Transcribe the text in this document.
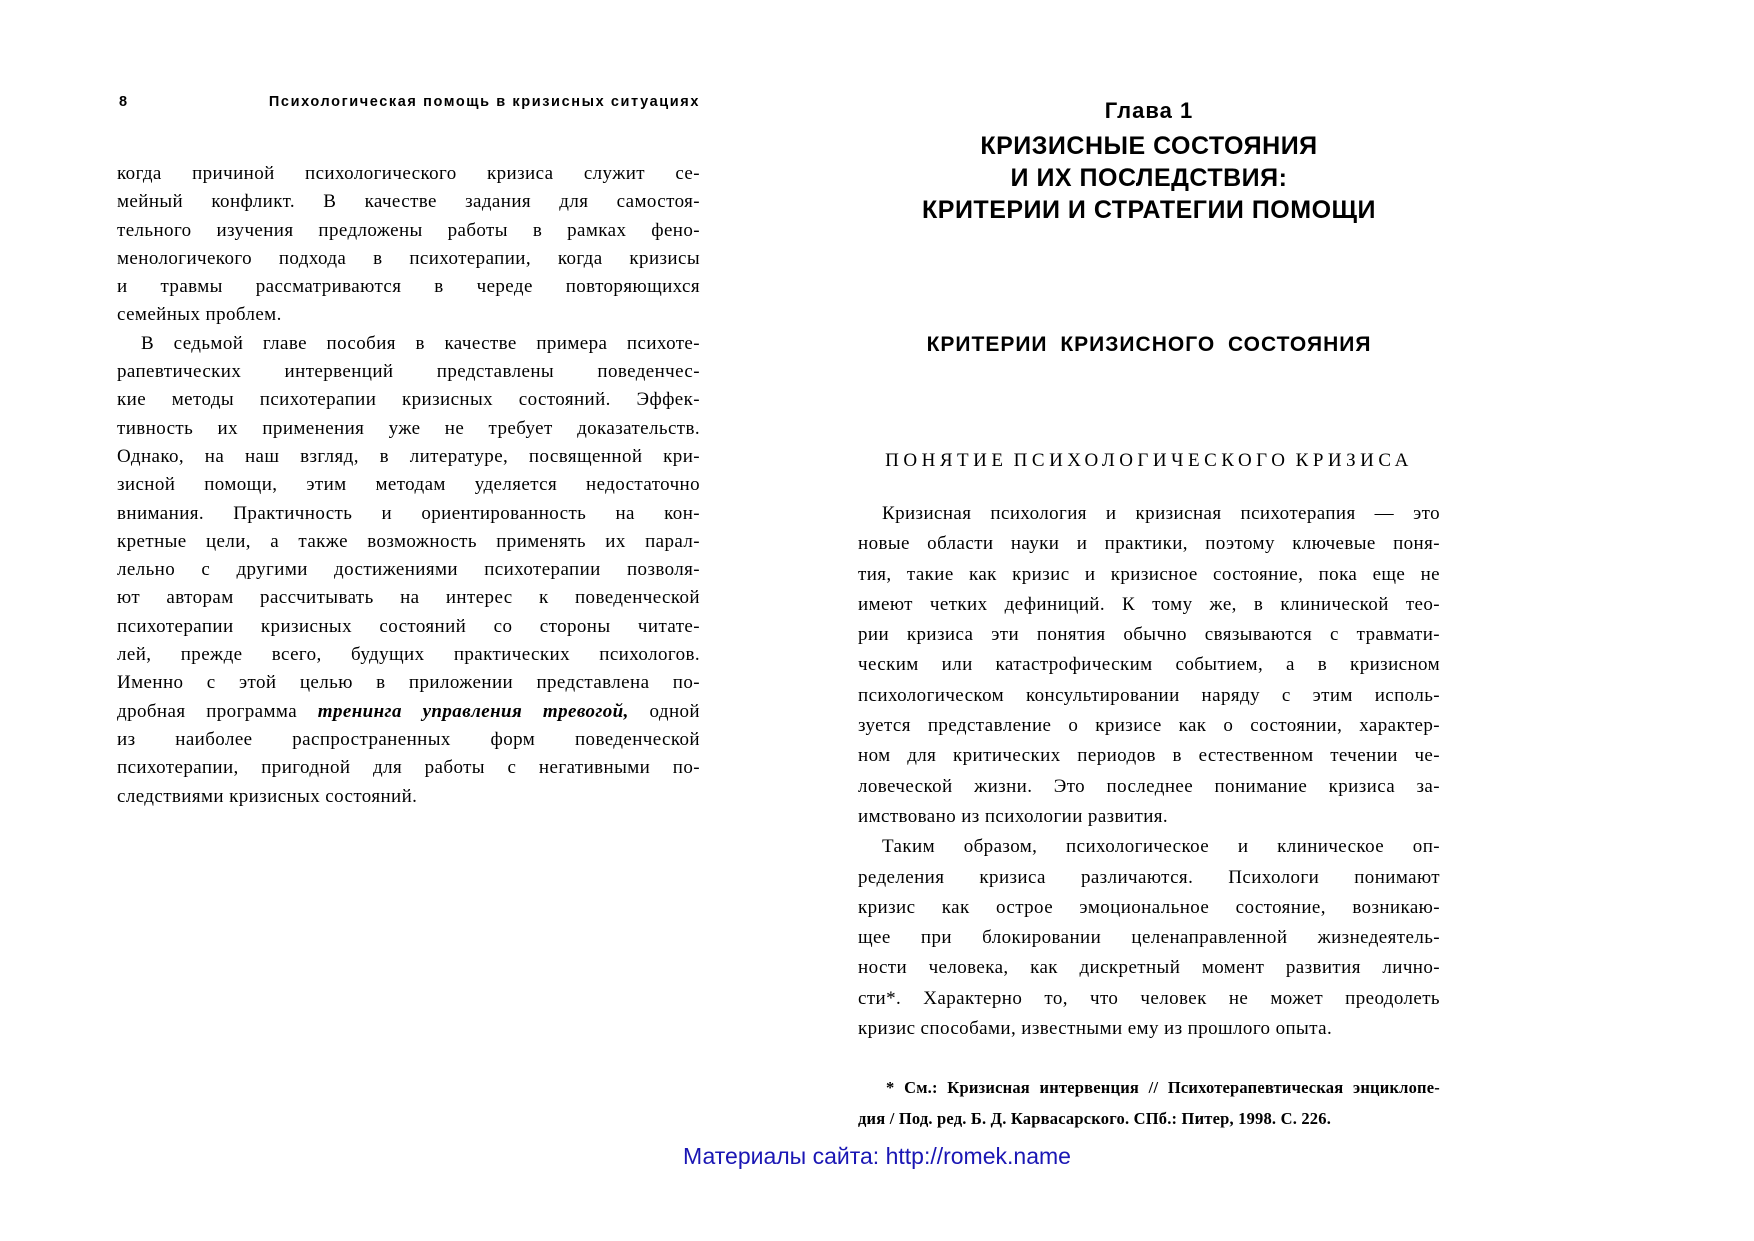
8	Психологическая помощь в кризисных ситуациях
когда причиной психологического кризиса служит се-
мейный конфликт. В качестве задания для самостоя-
тельного изучения предложены работы в рамках фено-
менологичекого подхода в психотерапии, когда кризисы
и травмы рассматриваются в череде повторяющихся
семейных проблем.
В седьмой главе пособия в качестве примера психоте-
рапевтических интервенций представлены поведенчес-
кие методы психотерапии кризисных состояний. Эффек-
тивность их применения уже не требует доказательств.
Однако, на наш взгляд, в литературе, посвященной кри-
зисной помощи, этим методам уделяется недостаточно
внимания. Практичность и ориентированность на кон-
кретные цели, а также возможность применять их парал-
лельно с другими достижениями психотерапии позволя-
ют авторам рассчитывать на интерес к поведенческой
психотерапии кризисных состояний со стороны читате-
лей, прежде всего, будущих практических психологов.
Именно с этой целью в приложении представлена по-
дробная программа тренинга управления тревогой, одной
из наиболее распространенных форм поведенческой
психотерапии, пригодной для работы с негативными по-
следствиями кризисных состояний.
Глава 1
КРИЗИСНЫЕ СОСТОЯНИЯ
И ИХ ПОСЛЕДСТВИЯ:
КРИТЕРИИ И СТРАТЕГИИ ПОМОЩИ
КРИТЕРИИ КРИЗИСНОГО СОСТОЯНИЯ
ПОНЯТИЕ ПСИХОЛОГИЧЕСКОГО КРИЗИСА
Кризисная психология и кризисная психотерапия — это
новые области науки и практики, поэтому ключевые поня-
тия, такие как кризис и кризисное состояние, пока еще не
имеют четких дефиниций. К тому же, в клинической тео-
рии кризиса эти понятия обычно связываются с травмати-
ческим или катастрофическим событием, а в кризисном
психологическом консультировании наряду с этим исполь-
зуется представление о кризисе как о состоянии, характер-
ном для критических периодов в естественном течении че-
ловеческой жизни. Это последнее понимание кризиса за-
имствовано из психологии развития.
Таким образом, психологическое и клиническое оп-
ределения кризиса различаются. Психологи понимают
кризис как острое эмоциональное состояние, возникаю-
щее при блокировании целенаправленной жизнедеятель-
ности человека, как дискретный момент развития лично-
сти*. Характерно то, что человек не может преодолеть
кризис способами, известными ему из прошлого опыта.
* См.: Кризисная интервенция // Психотерапевтическая энциклопе-
дия / Под. ред. Б. Д. Карвасарского. СПб.: Питер, 1998. С. 226.
Материалы сайта: http://romek.name
